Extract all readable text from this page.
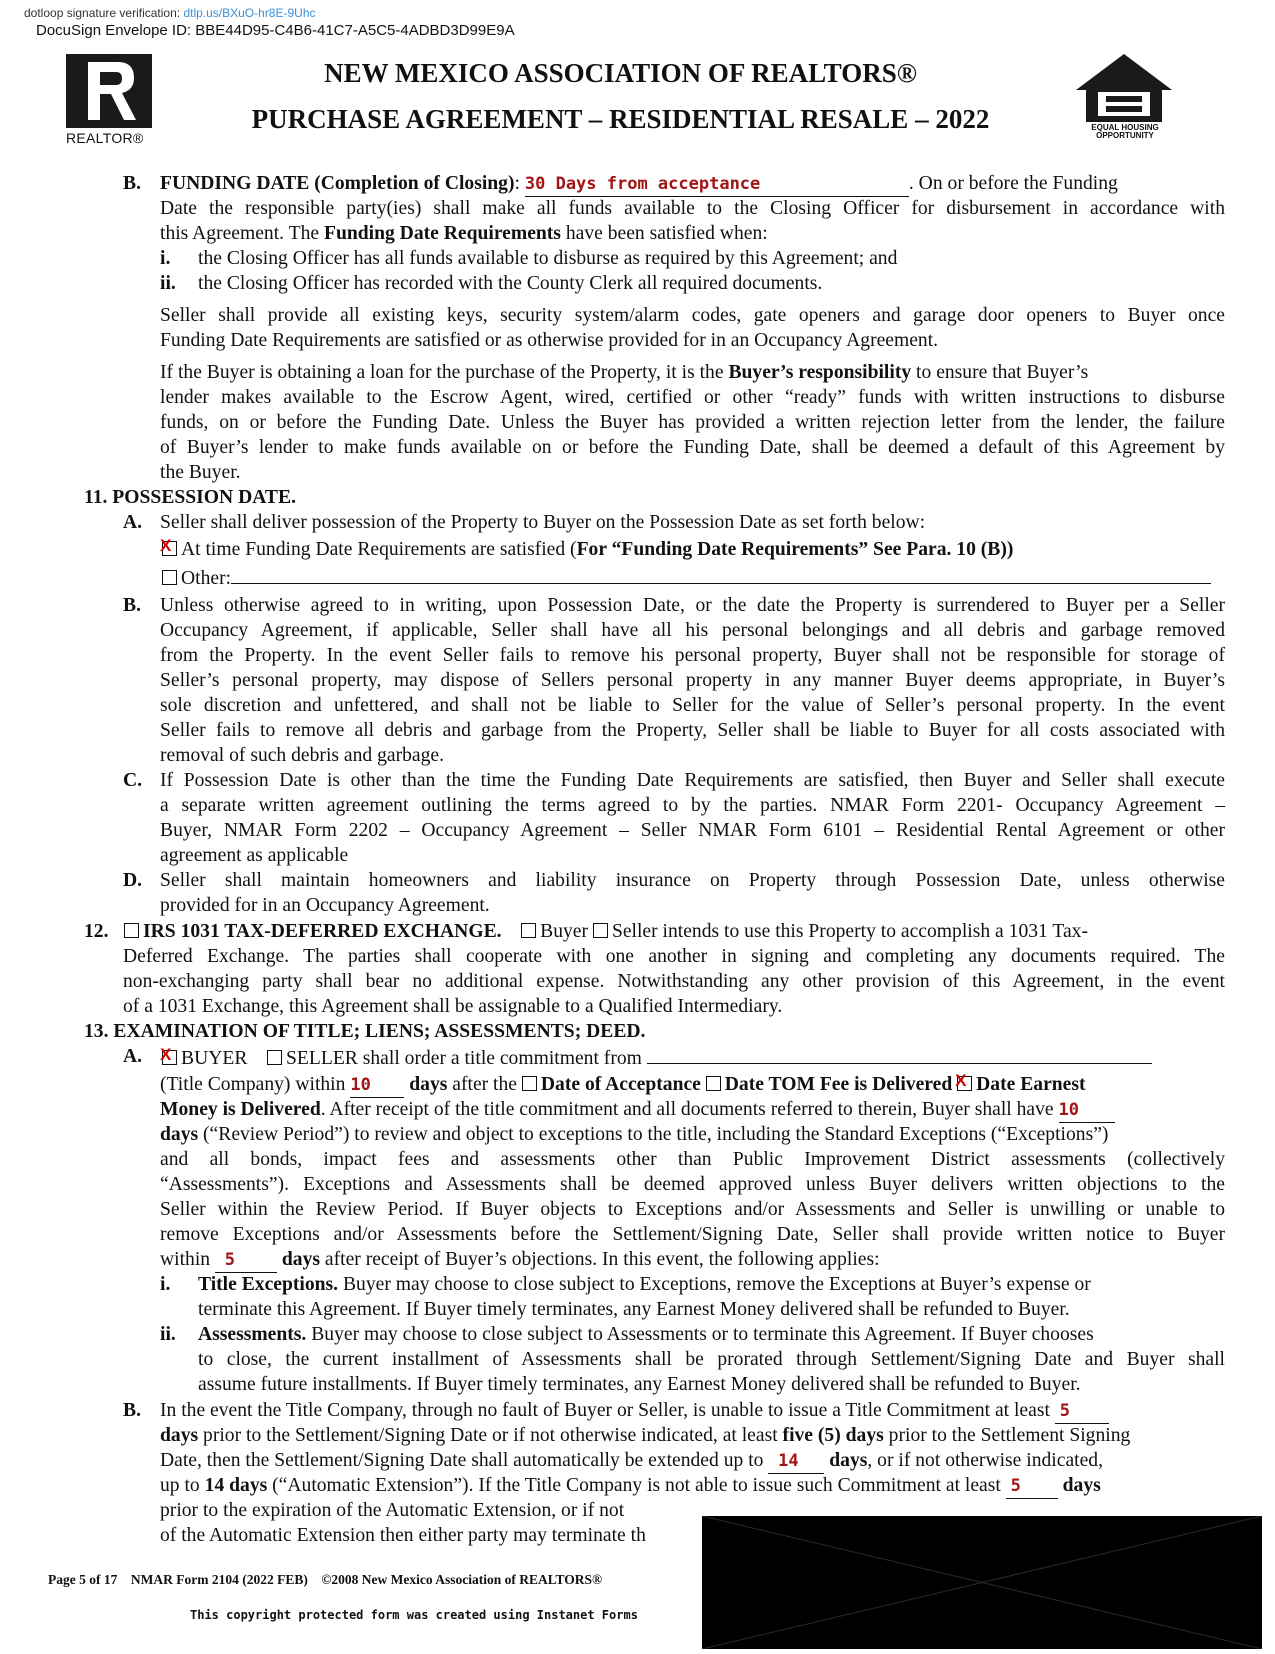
dotloop signature verification: dtlp.us/BXuO-hr8E-9Uhc
DocuSign Envelope ID: BBE44D95-C4B6-41C7-A5C5-4ADBD3D99E9A
REALTOR®
EQUAL HOUSING
OPPORTUNITY
NEW MEXICO ASSOCIATION OF REALTORS®
PURCHASE AGREEMENT – RESIDENTIAL RESALE – 2022
B. FUNDING DATE (Completion of Closing): 30 Days from acceptance	. On or before the Funding
Date the responsible party(ies) shall make all funds available to the Closing Officer for disbursement in accordance with
this Agreement. The Funding Date Requirements have been satisfied when:
i. the Closing Officer has all funds available to disburse as required by this Agreement; and
ii. the Closing Officer has recorded with the County Clerk all required documents.
Seller shall provide all existing keys, security system/alarm codes, gate openers and garage door openers to Buyer once
Funding Date Requirements are satisfied or as otherwise provided for in an Occupancy Agreement.
If the Buyer is obtaining a loan for the purchase of the Property, it is the Buyer’s responsibility to ensure that Buyer’s
lender makes available to the Escrow Agent, wired, certified or other “ready” funds with written instructions to disburse
funds, on or before the Funding Date. Unless the Buyer has provided a written rejection letter from the lender, the failure
of Buyer’s lender to make funds available on or before the Funding Date, shall be deemed a default of this Agreement by
the Buyer.
11. POSSESSION DATE.
A. Seller shall deliver possession of the Property to Buyer on the Possession Date as set forth below:
X At time Funding Date Requirements are satisfied (For “Funding Date Requirements” See Para. 10 (B))
Other:
B. Unless otherwise agreed to in writing, upon Possession Date, or the date the Property is surrendered to Buyer per a Seller
Occupancy Agreement, if applicable, Seller shall have all his personal belongings and all debris and garbage removed
from the Property. In the event Seller fails to remove his personal property, Buyer shall not be responsible for storage of
Seller’s personal property, may dispose of Sellers personal property in any manner Buyer deems appropriate, in Buyer’s
sole discretion and unfettered, and shall not be liable to Seller for the value of Seller’s personal property. In the event
Seller fails to remove all debris and garbage from the Property, Seller shall be liable to Buyer for all costs associated with
removal of such debris and garbage.
C. If Possession Date is other than the time the Funding Date Requirements are satisfied, then Buyer and Seller shall execute
a separate written agreement outlining the terms agreed to by the parties. NMAR Form 2201- Occupancy Agreement –
Buyer, NMAR Form 2202 – Occupancy Agreement – Seller NMAR Form 6101 – Residential Rental Agreement or other
agreement as applicable
D. Seller shall maintain homeowners and liability insurance on Property through Possession Date, unless otherwise
provided for in an Occupancy Agreement.
12.	IRS 1031 TAX-DEFERRED EXCHANGE. Buyer Seller intends to use this Property to accomplish a 1031 Tax-
Deferred Exchange. The parties shall cooperate with one another in signing and completing any documents required. The
non-exchanging party shall bear no additional expense. Notwithstanding any other provision of this Agreement, in the event
of a 1031 Exchange, this Agreement shall be assignable to a Qualified Intermediary.
13. EXAMINATION OF TITLE; LIENS; ASSESSMENTS; DEED.
A. X BUYER SELLER shall order a title commitment from
(Title Company) within 10 days after the Date of Acceptance Date TOM Fee is Delivered X Date Earnest
Money is Delivered. After receipt of the title commitment and all documents referred to therein, Buyer shall have 10
days (“Review Period”) to review and object to exceptions to the title, including the Standard Exceptions (“Exceptions”)
and all bonds, impact fees and assessments other than Public Improvement District assessments (collectively
“Assessments”). Exceptions and Assessments shall be deemed approved unless Buyer delivers written objections to the
Seller within the Review Period. If Buyer objects to Exceptions and/or Assessments and Seller is unwilling or unable to
remove Exceptions and/or Assessments before the Settlement/Signing Date, Seller shall provide written notice to Buyer
within 5 days after receipt of Buyer’s objections. In this event, the following applies:
i. Title Exceptions. Buyer may choose to close subject to Exceptions, remove the Exceptions at Buyer’s expense or
terminate this Agreement. If Buyer timely terminates, any Earnest Money delivered shall be refunded to Buyer.
ii. Assessments. Buyer may choose to close subject to Assessments or to terminate this Agreement. If Buyer chooses
to close, the current installment of Assessments shall be prorated through Settlement/Signing Date and Buyer shall
assume future installments. If Buyer timely terminates, any Earnest Money delivered shall be refunded to Buyer.
B. In the event the Title Company, through no fault of Buyer or Seller, is unable to issue a Title Commitment at least 5
days prior to the Settlement/Signing Date or if not otherwise indicated, at least five (5) days prior to the Settlement Signing
Date, then the Settlement/Signing Date shall automatically be extended up to 14 days, or if not otherwise indicated,
up to 14 days (“Automatic Extension”). If the Title Company is not able to issue such Commitment at least 5 days
prior to the expiration of the Automatic Extension, or if not
of the Automatic Extension then either party may terminate th
Page 5 of 17 NMAR Form 2104 (2022 FEB) ©2008 New Mexico Association of REALTORS®
This copyright protected form was created using Instanet Forms
